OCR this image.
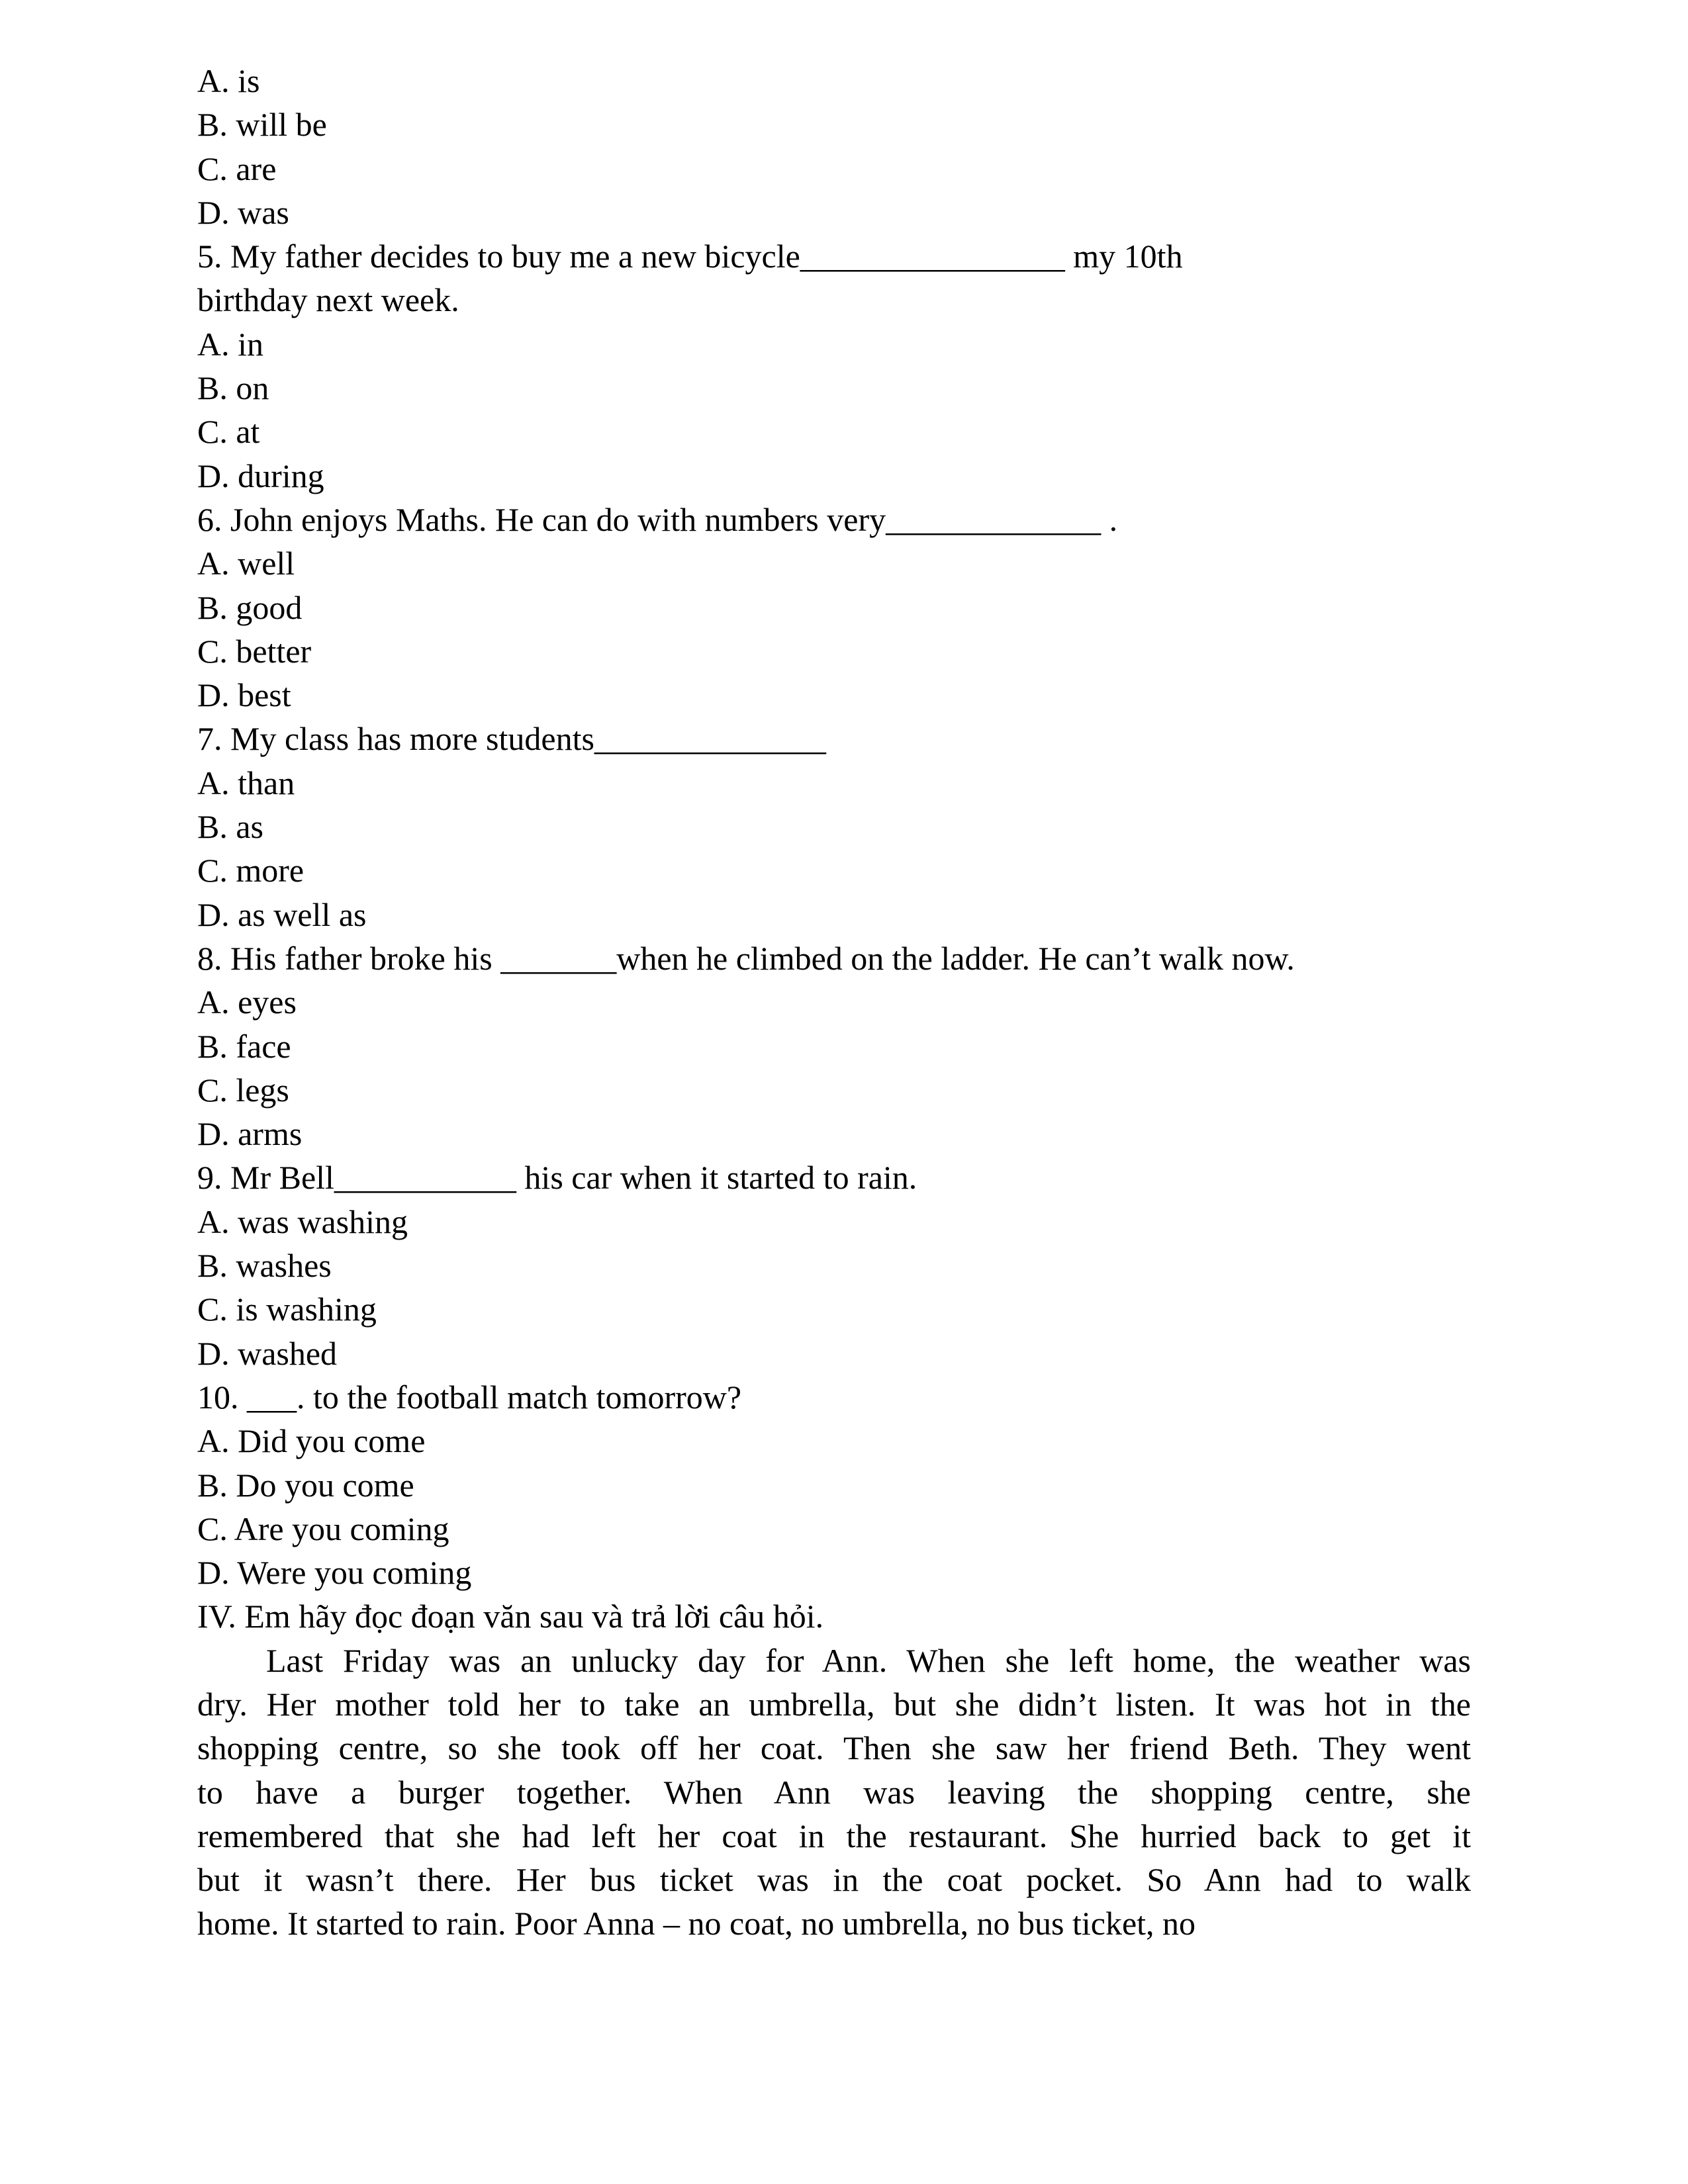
A. is
B. will be
C. are
D. was
5. My father decides to buy me a new bicycle________________ my 10th
birthday next week.
A. in
B. on
C. at
D. during
6. John enjoys Maths. He can do with numbers very_____________ .
A. well
B. good
C. better
D. best
7. My class has more students______________
A. than
B. as
C. more
D. as well as
8. His father broke his _______when he climbed on the ladder. He can’t walk now.
A. eyes
B. face
C. legs
D. arms
9. Mr Bell___________ his car when it started to rain.
A. was washing
B. washes
C. is washing
D. washed
10. ___. to the football match tomorrow?
A. Did you come
B. Do you come
C. Are you coming
D. Were you coming
IV. Em hãy đọc đoạn văn sau và trả lời câu hỏi.
Last Friday was an unlucky day for Ann. When she left home, the weather was
dry. Her mother told her to take an umbrella, but she didn’t listen. It was hot in the
shopping centre, so she took off her coat. Then she saw her friend Beth. They went
to have a burger together. When Ann was leaving the shopping centre, she
remembered that she had left her coat in the restaurant. She hurried back to get it
but it wasn’t there. Her bus ticket was in the coat pocket. So Ann had to walk
home. It started to rain. Poor Anna – no coat, no umbrella, no bus ticket, no
